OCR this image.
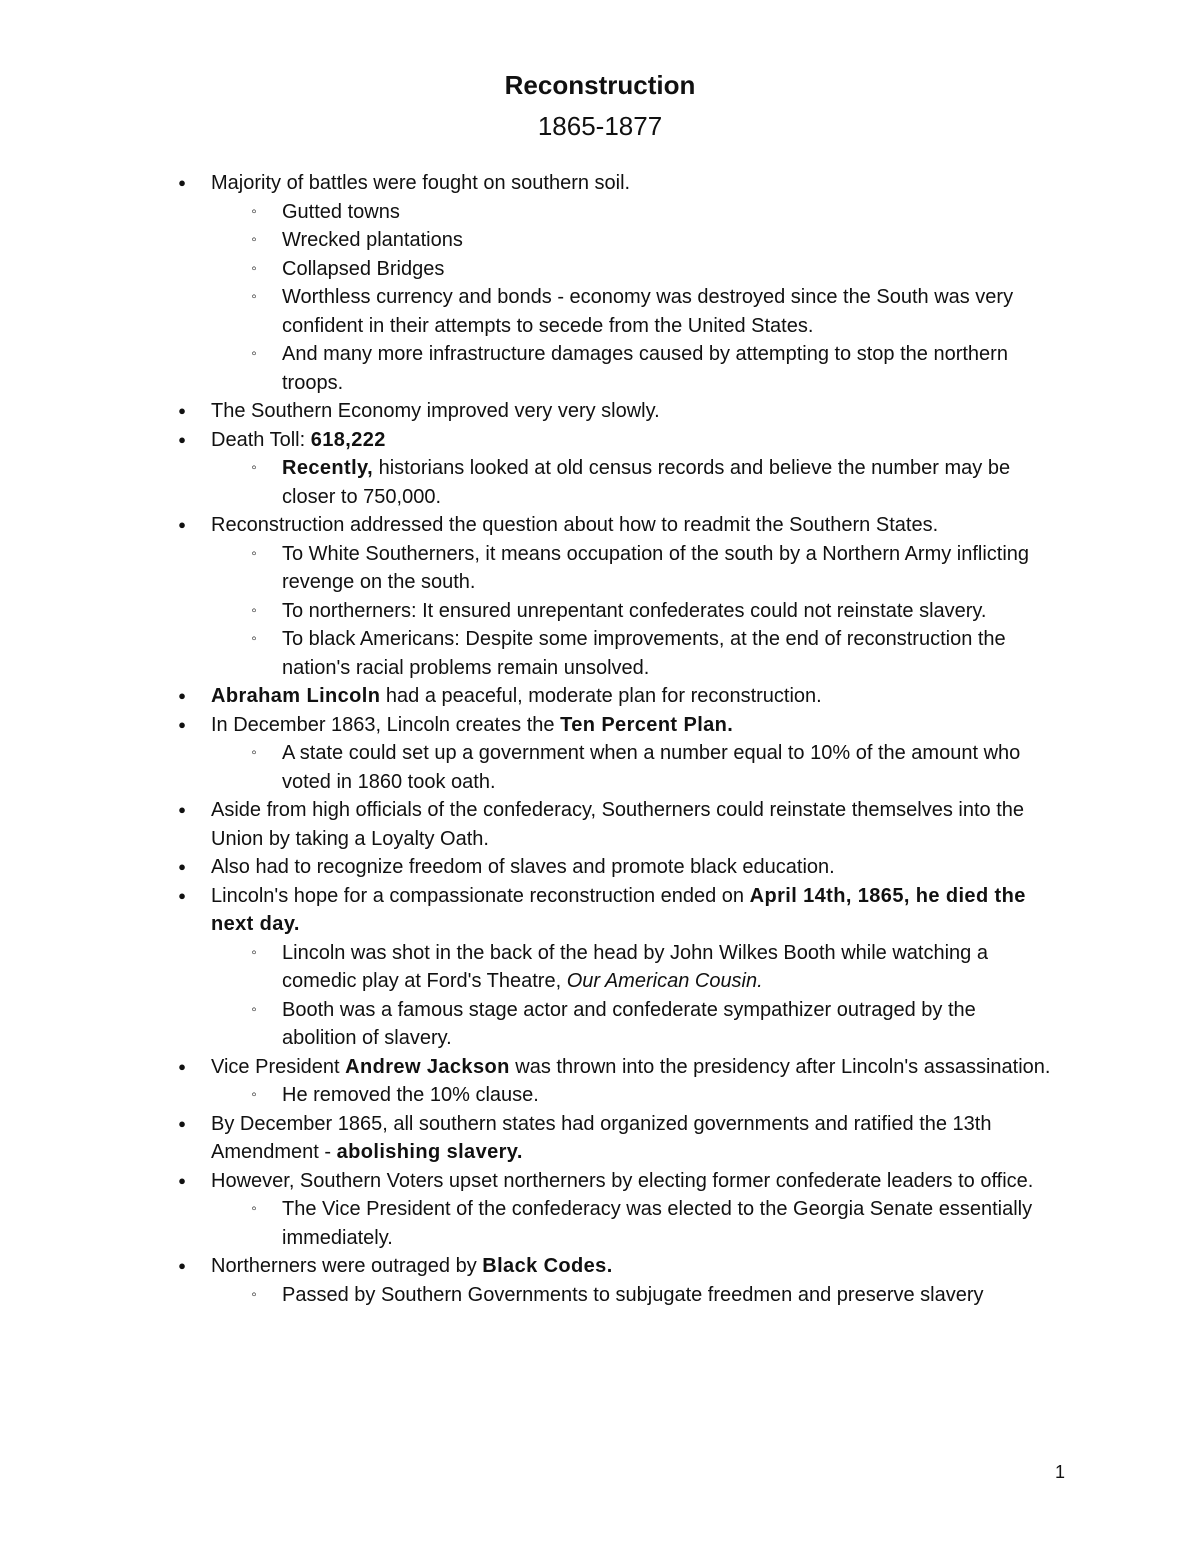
Reconstruction
1865-1877
● Majority of battles were fought on southern soil.
◦ Gutted towns
◦ Wrecked plantations
◦ Collapsed Bridges
◦ Worthless currency and bonds - economy was destroyed since the South was very confident in their attempts to secede from the United States.
◦ And many more infrastructure damages caused by attempting to stop the northern troops.
● The Southern Economy improved very very slowly.
● Death Toll: 618,222
◦ Recently, historians looked at old census records and believe the number may be closer to 750,000.
● Reconstruction addressed the question about how to readmit the Southern States.
◦ To White Southerners, it means occupation of the south by a Northern Army inflicting revenge on the south.
◦ To northerners: It ensured unrepentant confederates could not reinstate slavery.
◦ To black Americans: Despite some improvements, at the end of reconstruction the nation's racial problems remain unsolved.
● Abraham Lincoln had a peaceful, moderate plan for reconstruction.
● In December 1863, Lincoln creates the Ten Percent Plan.
◦ A state could set up a government when a number equal to 10% of the amount who voted in 1860 took oath.
● Aside from high officials of the confederacy, Southerners could reinstate themselves into the Union by taking a Loyalty Oath.
● Also had to recognize freedom of slaves and promote black education.
● Lincoln's hope for a compassionate reconstruction ended on April 14th, 1865, he died the next day.
◦ Lincoln was shot in the back of the head by John Wilkes Booth while watching a comedic play at Ford's Theatre, Our American Cousin.
◦ Booth was a famous stage actor and confederate sympathizer outraged by the abolition of slavery.
● Vice President Andrew Jackson was thrown into the presidency after Lincoln's assassination.
◦ He removed the 10% clause.
● By December 1865, all southern states had organized governments and ratified the 13th Amendment - abolishing slavery.
● However, Southern Voters upset northerners by electing former confederate leaders to office.
◦ The Vice President of the confederacy was elected to the Georgia Senate essentially immediately.
● Northerners were outraged by Black Codes.
◦ Passed by Southern Governments to subjugate freedmen and preserve slavery
1
